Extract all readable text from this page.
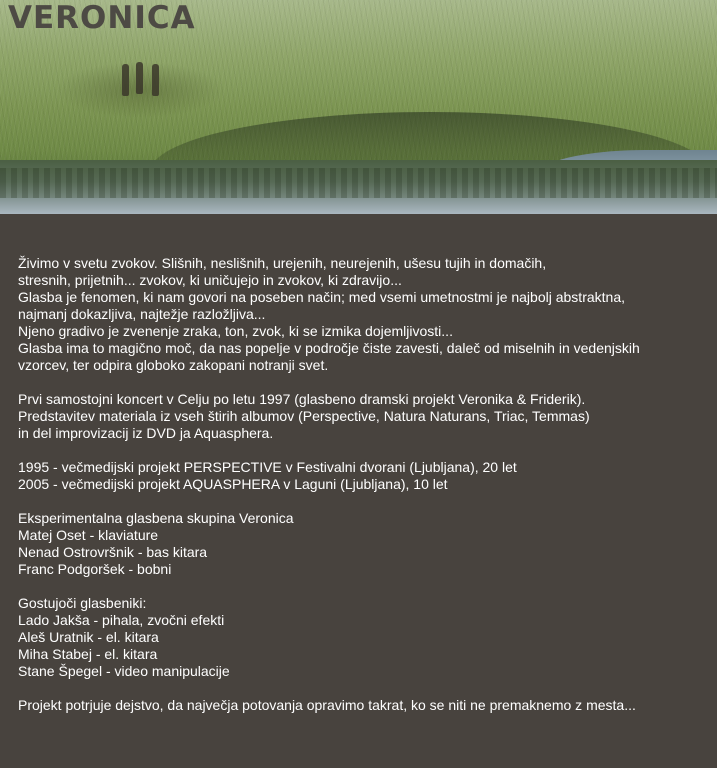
VERONICA
Živimo v svetu zvokov. Slišnih, neslišnih, urejenih, neurejenih, ušesu tujih in domačih,
stresnih, prijetnih... zvokov, ki uničujejo in zvokov, ki zdravijo...
Glasba je fenomen, ki nam govori na poseben način; med vsemi umetnostmi je najbolj abstraktna,
najmanj dokazljiva, najtežje razložljiva...
Njeno gradivo je zvenenje zraka, ton, zvok, ki se izmika dojemljivosti...
Glasba ima to magično moč, da nas popelje v področje čiste zavesti, daleč od miselnih in vedenjskih
vzorcev, ter odpira globoko zakopani notranji svet.
Prvi samostojni koncert v Celju po letu 1997 (glasbeno dramski projekt Veronika & Friderik).
Predstavitev materiala iz vseh štirih albumov (Perspective, Natura Naturans, Triac, Temmas)
in del improvizacij iz DVD ja Aquasphera.
1995 - večmedijski projekt PERSPECTIVE v Festivalni dvorani (Ljubljana), 20 let
2005 - večmedijski projekt AQUASPHERA v Laguni (Ljubljana), 10 let
Eksperimentalna glasbena skupina Veronica
Matej Oset - klaviature
Nenad Ostrovršnik - bas kitara
Franc Podgoršek - bobni
Gostujoči glasbeniki:
Lado Jakša - pihala, zvočni efekti
Aleš Uratnik - el. kitara
Miha Stabej - el. kitara
Stane Špegel - video manipulacije
Projekt potrjuje dejstvo, da največja potovanja opravimo takrat, ko se niti ne premaknemo z mesta...
